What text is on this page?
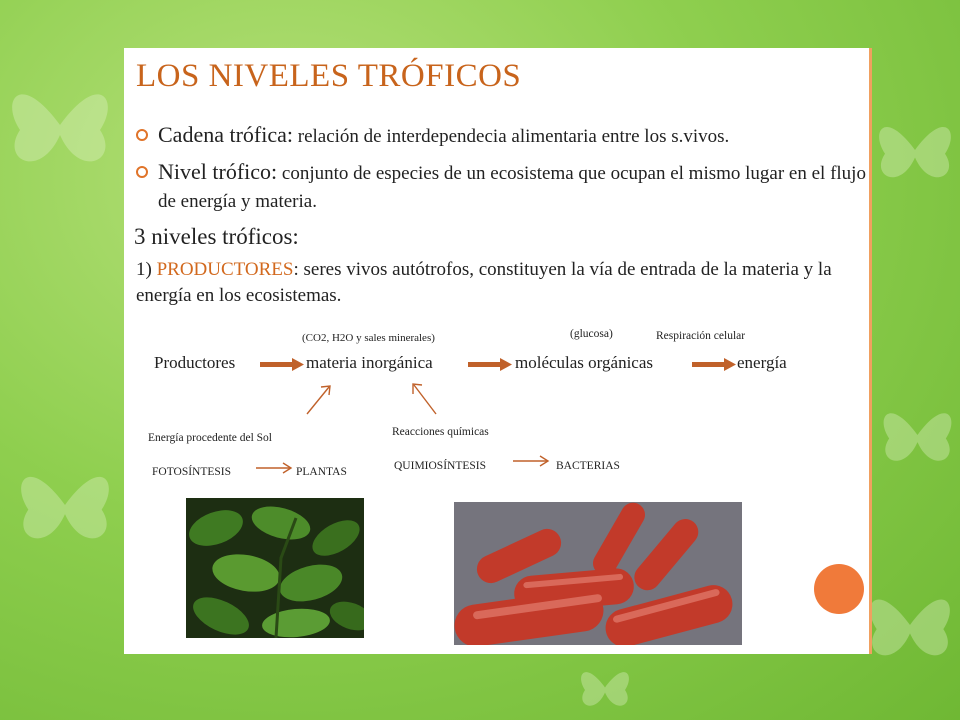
LOS NIVELES TRÓFICOS
Cadena trófica: relación de interdependecia alimentaria entre los s.vivos.
Nivel trófico: conjunto de especies de un ecosistema que ocupan el mismo lugar en el flujo de energía y materia.
3 niveles tróficos:
1) PRODUCTORES: seres vivos autótrofos, constituyen la vía de entrada de la materia y la energía en los ecosistemas.
(CO2, H2O y sales minerales)	(glucosa)	Respiración celular
Productores	materia inorgánica	moléculas orgánicas	energía
Energía procedente del Sol
FOTOSÍNTESIS	PLANTAS
Reacciones químicas
QUIMIOSÍNTESIS	BACTERIAS
